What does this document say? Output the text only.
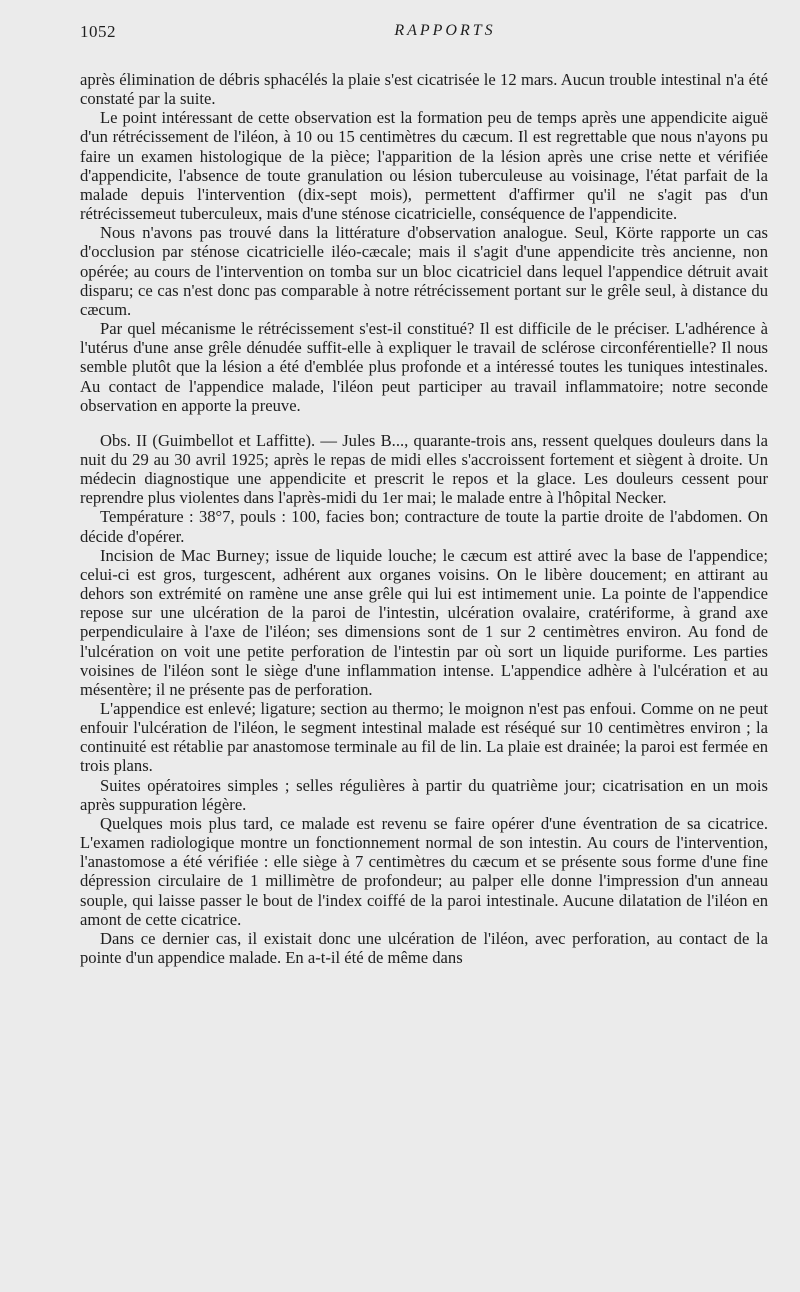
1052	RAPPORTS

après élimination de débris sphacélés la plaie s'est cicatrisée le 12 mars. Aucun trouble intestinal n'a été constaté par la suite.

Le point intéressant de cette observation est la formation peu de temps après une appendicite aiguë d'un rétrécissement de l'iléon, à 10 ou 15 centimètres du cæcum. Il est regrettable que nous n'ayons pu faire un examen histologique de la pièce; l'apparition de la lésion après une crise nette et vérifiée d'appendicite, l'absence de toute granulation ou lésion tuberculeuse au voisinage, l'état parfait de la malade depuis l'intervention (dix-sept mois), permettent d'affirmer qu'il ne s'agit pas d'un rétrécissemeut tuberculeux, mais d'une sténose cicatricielle, conséquence de l'appendicite.

Nous n'avons pas trouvé dans la littérature d'observation analogue. Seul, Körte rapporte un cas d'occlusion par sténose cicatricielle iléo-cæcale; mais il s'agit d'une appendicite très ancienne, non opérée; au cours de l'intervention on tomba sur un bloc cicatriciel dans lequel l'appendice détruit avait disparu; ce cas n'est donc pas comparable à notre rétrécissement portant sur le grêle seul, à distance du cæcum.

Par quel mécanisme le rétrécissement s'est-il constitué? Il est difficile de le préciser. L'adhérence à l'utérus d'une anse grêle dénudée suffit-elle à expliquer le travail de sclérose circonférentielle? Il nous semble plutôt que la lésion a été d'emblée plus profonde et a intéressé toutes les tuniques intestinales. Au contact de l'appendice malade, l'iléon peut participer au travail inflammatoire; notre seconde observation en apporte la preuve.

Obs. II (Guimbellot et Laffitte). — Jules B..., quarante-trois ans, ressent quelques douleurs dans la nuit du 29 au 30 avril 1925; après le repas de midi elles s'accroissent fortement et siègent à droite. Un médecin diagnostique une appendicite et prescrit le repos et la glace. Les douleurs cessent pour reprendre plus violentes dans l'après-midi du 1er mai; le malade entre à l'hôpital Necker.

Température : 38°7, pouls : 100, facies bon; contracture de toute la partie droite de l'abdomen. On décide d'opérer.

Incision de Mac Burney; issue de liquide louche; le cæcum est attiré avec la base de l'appendice; celui-ci est gros, turgescent, adhérent aux organes voisins. On le libère doucement; en attirant au dehors son extrémité on ramène une anse grêle qui lui est intimement unie. La pointe de l'appendice repose sur une ulcération de la paroi de l'intestin, ulcération ovalaire, cratériforme, à grand axe perpendiculaire à l'axe de l'iléon; ses dimensions sont de 1 sur 2 centimètres environ. Au fond de l'ulcération on voit une petite perforation de l'intestin par où sort un liquide puriforme. Les parties voisines de l'iléon sont le siège d'une inflammation intense. L'appendice adhère à l'ulcération et au mésentère; il ne présente pas de perforation.

L'appendice est enlevé; ligature; section au thermo; le moignon n'est pas enfoui. Comme on ne peut enfouir l'ulcération de l'iléon, le segment intestinal malade est réséqué sur 10 centimètres environ ; la continuité est rétablie par anastomose terminale au fil de lin. La plaie est drainée; la paroi est fermée en trois plans.

Suites opératoires simples ; selles régulières à partir du quatrième jour; cicatrisation en un mois après suppuration légère.

Quelques mois plus tard, ce malade est revenu se faire opérer d'une éventration de sa cicatrice. L'examen radiologique montre un fonctionnement normal de son intestin. Au cours de l'intervention, l'anastomose a été vérifiée : elle siège à 7 centimètres du cæcum et se présente sous forme d'une fine dépression circulaire de 1 millimètre de profondeur; au palper elle donne l'impression d'un anneau souple, qui laisse passer le bout de l'index coiffé de la paroi intestinale. Aucune dilatation de l'iléon en amont de cette cicatrice.

Dans ce dernier cas, il existait donc une ulcération de l'iléon, avec perforation, au contact de la pointe d'un appendice malade. En a-t-il été de même dans
